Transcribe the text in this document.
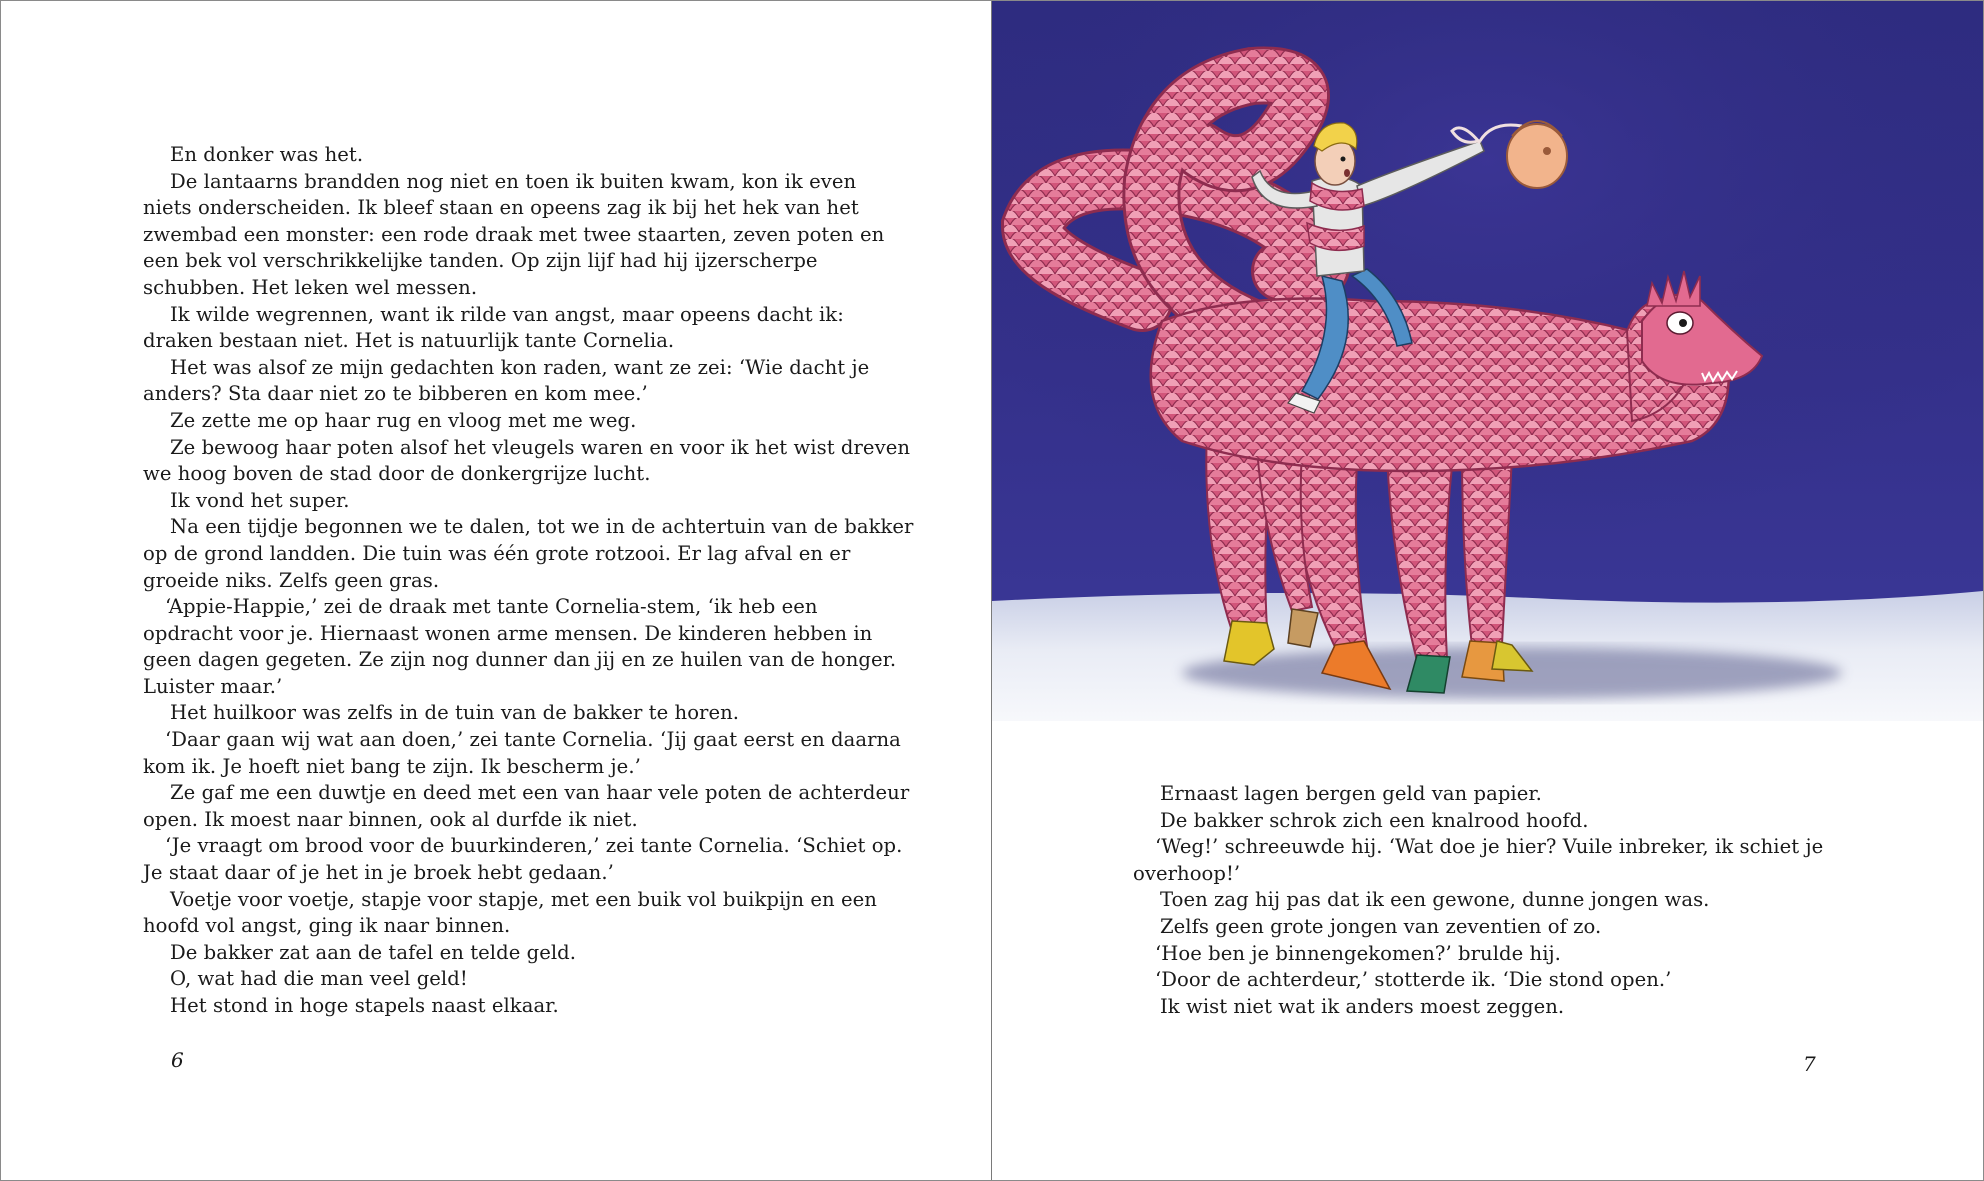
En donker was het.

De lantaarns brandden nog niet en toen ik buiten kwam, kon ik even

niets onderscheiden. Ik bleef staan en opeens zag ik bij het hek van het

zwembad een monster: een rode draak met twee staarten, zeven poten en

een bek vol verschrikkelijke tanden. Op zijn lijf had hij ijzerscherpe

schubben. Het leken wel messen.

Ik wilde wegrennen, want ik rilde van angst, maar opeens dacht ik:

draken bestaan niet. Het is natuurlijk tante Cornelia.

Het was alsof ze mijn gedachten kon raden, want ze zei: ‘Wie dacht je

anders? Sta daar niet zo te bibberen en kom mee.’

Ze zette me op haar rug en vloog met me weg.

Ze bewoog haar poten alsof het vleugels waren en voor ik het wist dreven

we hoog boven de stad door de donkergrijze lucht.

Ik vond het super.

Na een tijdje begonnen we te dalen, tot we in de achtertuin van de bakker

op de grond landden. Die tuin was één grote rotzooi. Er lag afval en er

groeide niks. Zelfs geen gras.

‘Appie-Happie,’ zei de draak met tante Cornelia-stem, ‘ik heb een

opdracht voor je. Hiernaast wonen arme mensen. De kinderen hebben in

geen dagen gegeten. Ze zijn nog dunner dan jij en ze huilen van de honger.

Luister maar.’

Het huilkoor was zelfs in de tuin van de bakker te horen.

‘Daar gaan wij wat aan doen,’ zei tante Cornelia. ‘Jij gaat eerst en daarna

kom ik. Je hoeft niet bang te zijn. Ik bescherm je.’

Ze gaf me een duwtje en deed met een van haar vele poten de achterdeur

open. Ik moest naar binnen, ook al durfde ik niet.

‘Je vraagt om brood voor de buurkinderen,’ zei tante Cornelia. ‘Schiet op.

Je staat daar of je het in je broek hebt gedaan.’

Voetje voor voetje, stapje voor stapje, met een buik vol buikpijn en een

hoofd vol angst, ging ik naar binnen.

De bakker zat aan de tafel en telde geld.

O, wat had die man veel geld!

Het stond in hoge stapels naast elkaar.

6

Ernaast lagen bergen geld van papier.

De bakker schrok zich een knalrood hoofd.

‘Weg!’ schreeuwde hij. ‘Wat doe je hier? Vuile inbreker, ik schiet je

overhoop!’

Toen zag hij pas dat ik een gewone, dunne jongen was.

Zelfs geen grote jongen van zeventien of zo.

‘Hoe ben je binnengekomen?’ brulde hij.

‘Door de achterdeur,’ stotterde ik. ‘Die stond open.’

Ik wist niet wat ik anders moest zeggen.

7
